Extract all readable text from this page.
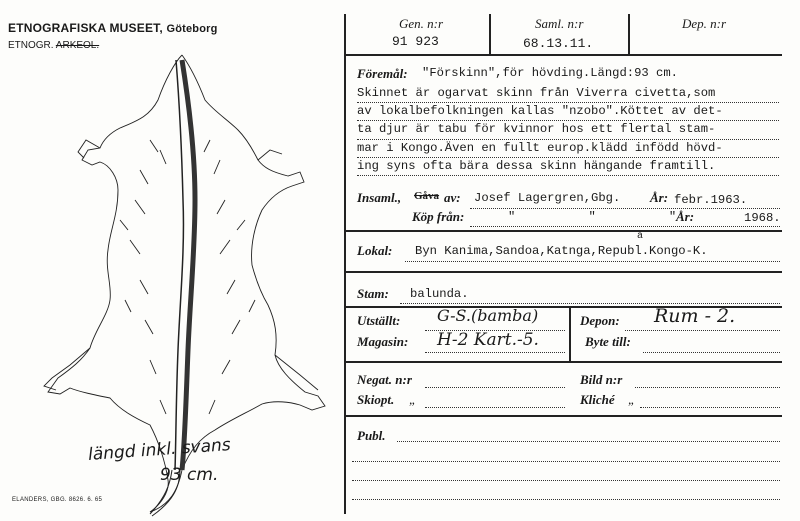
ETNOGRAFISKA MUSEET, Göteborg
ETNOGR. ARKEOL.
längd inkl. svans
93 cm.
ELANDERS, GBG. 8626. 6. 65
Gen. n:r
91 923
Saml. n:r
68.13.11.
Dep. n:r
Föremål: "Förskinn",för hövding.Längd:93 cm.
Skinnet är ogarvat skinn från Viverra civetta,som
av lokalbefolkningen kallas "nzobo".Köttet av det-
ta djur är tabu för kvinnor hos ett flertal stam-
mar i Kongo.Även en fullt europ.klädd infödd hövd-
ing syns ofta bära dessa skinn hängande framtill.
Insaml., Gåva av: Josef Lagergren,Gbg. År: febr.1963.
Köp från:	"          "          " År:	1968.
Lokal: Byn Kanima,Sandoa,Katnga,Republ.Kongo-K.
a
Stam: balunda.
Utställt: G-S.(bamba)	Depon: Rum - 2.
Magasin: H-2 Kart.-5.	Byte till:
Negat. n:r	Bild n:r
Skiopt. „	Kliché „
Publ.
